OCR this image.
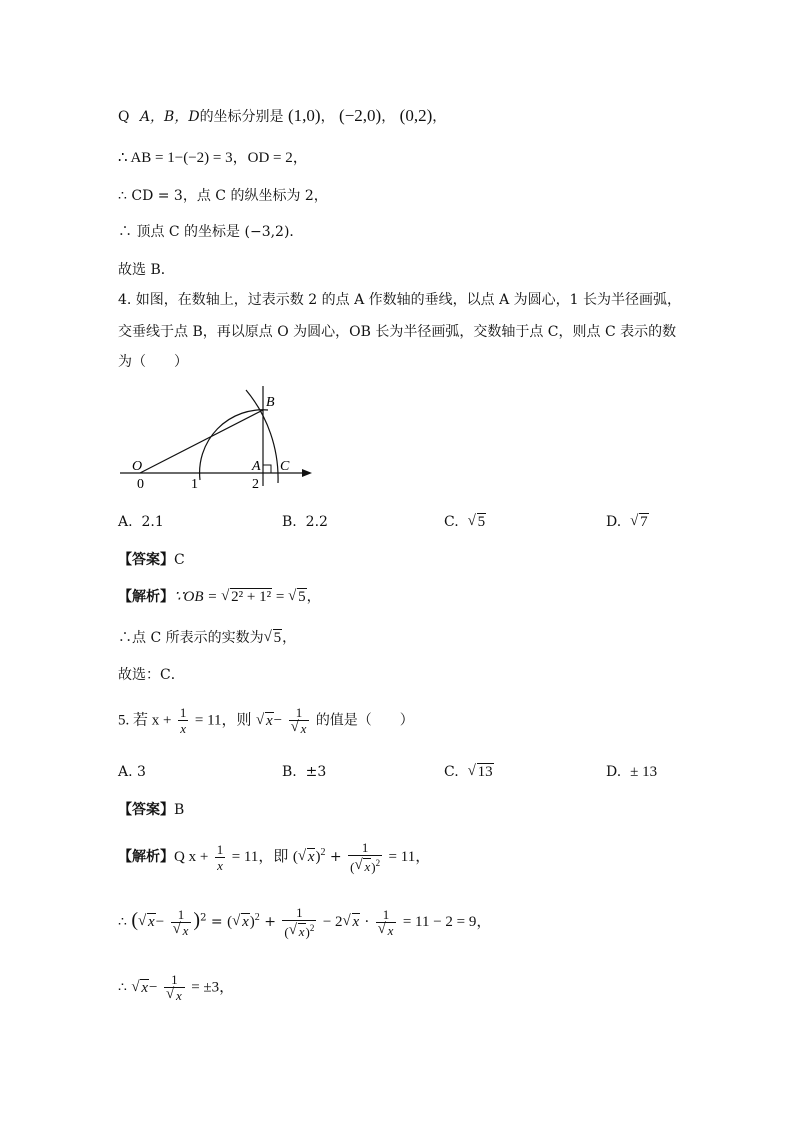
Q A，B，D的坐标分别是 (1,0)， (−2,0)， (0,2)，
∴ AB = 1−(−2) = 3，OD = 2，
∴ CD = 3，点 C 的纵坐标为 2，
∴ 顶点 C 的坐标是 (−3,2)．
故选 B．
4. 如图，在数轴上，过表示数 2 的点 A 作数轴的垂线，以点 A 为圆心，1 长为半径画弧，
交垂线于点 B，再以原点 O 为圆心，OB 长为半径画弧，交数轴于点 C，则点 C 表示的数
为（　　）
O	A
B
C
0	1	2
A. 2.1	B. 2.2	C.  √ 5	D.  √ 7
【答案】C
【解析】∵OB = √ 2² + 1² = √ 5，
∴点 C 所表示的实数为√ 5，
故选：C．
5. 若 $x + \frac{1}{x} = 11$，则 √ x− 1
√ x 的值是（　　）
A. 3	B. ±3	C.  √ 13	D. ± 13
【答案】B
【解析】Q $x + \frac{1}{x} = 11$，即 (√ $x)^2 + \frac{1}{(√ x)^2} = 11$，
∴ (√ x− 1
√ x )$^2$ = (√ $x)^2 + \frac{1}{(√ x)^2} - 2√$ x · 1
√ x = 11 − 2 = 9，
∴ √ x− 1
√ x = ±3，
